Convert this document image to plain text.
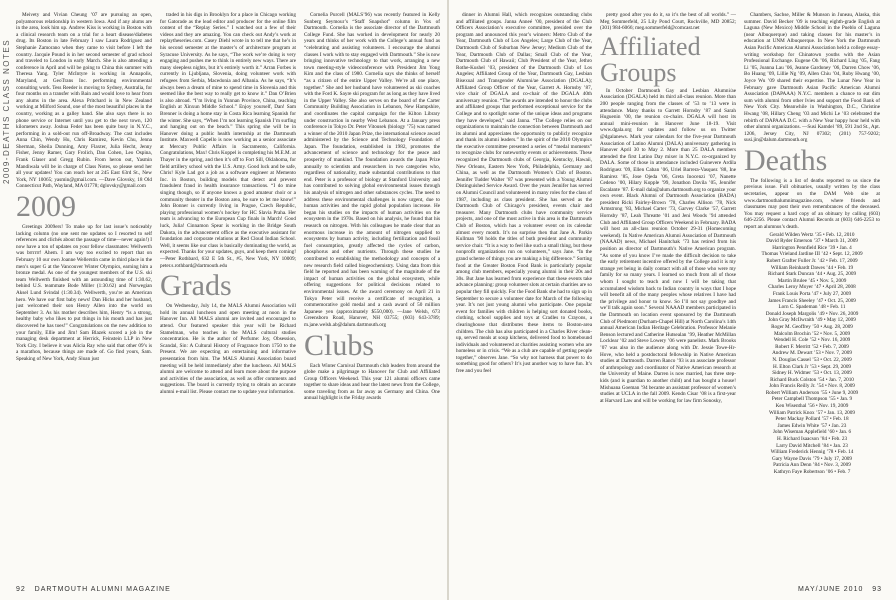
2009-DEATHS CLASS NOTES

Meivety and Vivian Cheung ’07 are pursuing an open, polyamorous relationship in western Iowa. And if any alums are in the area, look him up. Andrew Kiss is working in Boston with a clinical research team on a trial for a heart disease/diabetes drug. Its Boston in late February I saw Laura Rodriguez and Stephanie Zamorano when they came to visit before I left the country. Jacquie Pound is in her second semester of grad school and traveled to London in early March. She is also attending a conference in April and will be going to China this summer with Theresa Yang. Tyler McIntyre is working in Annapolis, Maryland, at GeoTrans Inc. performing environmental consulting work. Tess Reeder is moving to Sydney, Australia, for four months on a transfer with Bain and would love to hear from any alums in the area. Alexa Pritchard is in New Zealand working at Milford Sound, one of the most beautiful places in the country, working as a galley hand. She also says there is no phone service or Internet until you get to the next town, 120 kilometers away. Joshua Feder has been quite busy in N.Y.C., performing in a sold-out run off-Broadway. The cast includes Anna Chin, Wendy Hu, Chris Ramirez, Kevin Chu, Jenna Sherman, Sheila Dunning, Amy Flaxter, Julia Hecht, Jenny Fisher, Jenny Ramer, Gary Frolich, Dan Cohen, Leo Ospina, Frank Glaser and Gregg Rubin. From heron out, Yasmin Mandiwala will be in charge of Class Notes, so please send her all your updates! You can reach her at 245 East 63rd St., New York, NY 10065; yasmin@gmail.com. —Dave Glovsky, 18 Old Connecticut Path, Wayland, MA 01778; dglovsky@gmail.com

2009

Greetings 2009ers! To make up for last issue’s noticeably lacking column (no one sent me updates so I resorted to self references and clichés about the passage of time—never again!) I now have a ton of updates on your fellow classmates: Wellwerth was brrrrrr! Ahem. I am way too excited to report that on February 10 our own Joanne Wellerstin came in third place in the men’s super G at the Vancouver Winter Olympics, earning him a bronze medal. As one of the youngest members of the U.S. ski team Wellwerth finished with an astounding time of 1:30.62, behind U.S. teammate Bode Miller (1:30.62) and Norwegian Aksel Lund Svindal (1:30.34). Wellwerth, you’re an American hero. We have our first baby news! Dan Hicks and her husband, just welcomed their son Henry Allen into the world on September 3. As his mother describes him, Henry “is a strong, healthy baby who likes to put things in his mouth and has just discovered he has toes!” Congratulations on the new addition to your family, Ellie and Jim! Sam Blazek scored a job in the managing desk department at Herrick, Feinstein LLP in New York City. I believe it was Alicia Ray who said that other 09’s is a marathon, because things are made of. Go find yours, Sam. Speaking of New York, Andy Sloan just

traded in his digs in Brooklyn for a place in Chicago working for Gatorade as the lead editor and producer for the online film content of the “Replay Series.” I watched out a few of their videos and they are amazing. You can check out Andy’s work at replaytheseries.com. Casey Diehl wrote in to tell me that he’s in his second semester at the master’s of architecture program at Syracuse University. As he says, “The work we’re doing is very engaging and pushes me to think in entirely new ways. There are many sleepless nights, but it’s entirely worth it.” Arran Forbes is currently in Ljubljana, Slovenia, doing volunteer work with refugees from Serbia, Macedonia and Albania. As he says, “It’s always been a dream of mine to spend time in Slovenia and this seemed like the best way to really get to know it.” Dan O’Brien is also abroad. “I’m living in Yunnan Province, China, teaching English at Xinxun Middle School.” Enjoy yourself, Dan! Sam Brenner is doing a home stay in Costa Rica learning Spanish for the winter. She says, “When I’m not learning Spanish I’m surfing and hanging out on the beach.” This spring she will be in Hanover doing a public health internship at the Dartmouth Institute. Maxwell Copello is now working as a senior associate at Mercury Public Affairs in Sacramento, California. Congratulations, Max! Chris Koppel is completing his M.E.M. at Thayer in the spring, and then it’s off to Fort Sill, Oklahoma, for field artillery school with the U.S. Army. Good luck and be safe, Chris! Kyle Lad got a job as a software engineer at Memento Inc. in Boston, building models that detect and prevent fraudulent fraud in health insurance transactions. “I do mine singing though, so if anyone knows a good amateur choir or a community theater in the Boston area, be sure to let me know!” John Bonner is currently living in Prague, Czech Republic, playing professional women’s hockey for HC Slavia Praha. Her team is advancing to the European Cup finals in March! Good luck, Julia! Cinnamon Spear is working in the Bridge South Dakota, in the advancement office as the executive assistant for foundation and corporate relations at Red Cloud Indian School. Well, it seems like our class is basically dominating the world, as expected. Thanks for your updates, guys, and keep them coming! —Peter Rothbard, 632 E 5th St., #5, New York, NY 10009; peter.s.rothbard@dartmouth.edu

Grads

On Wednesday, July 14, the MALS Alumni Association will hold its annual luncheon and open meeting at noon in the Hanover Inn. All MALS alumni are invited and encouraged to attend. Our featured speaker this year will be Richard Stamelman, who teaches in the MALS cultural studies concentration. He is the author of Perfume: Joy, Obsession, Scandal, Sin: A Cultural History of Fragrance from 1750 to the Present. We are expecting an entertaining and informative presentation from him. The MALS Alumni Association board meeting will be held immediately after the luncheon. All MALS alumni are welcome to attend and learn more about the purpose and activities of the association, as well as offer comments and suggestions. The board is currently trying to obtain an accurate alumni e-mail list. Please contact me to update your information.

Cornelia Purcell (MALS’96) was recently featured in Kelly Sunberg Seymour’s “Staff Snapshot” column in Vox of Dartmouth. Cornelia is the associate director of the Dartmouth College Fund. She has worked in development for nearly 20 years and thinks of her work with the College’s annual fund as “celebrating and assisting volunteers. I encourage the alumni classes I work with to stay engaged with Dartmouth.” She is now bringing innovative technology to that work, arranging a new town meeting-style videoconference with President Jim Yong Kim and the class of 1980. Cornelia says she thinks of herself “as a citizen of the entire Upper Valley. We’re all one place, together.” She and her husband have volunteered as ski coaches with the Ford K. Sayre ski program for as long as they have lived in the Upper Valley. She also serves on the board of the Carter Community Building Association in Lebanon, New Hampshire, and coordinates the capital campaign for the Kilton Library under construction in nearby West Lebanon. At a January press conference in Tokyo Dr. Peter Vitousek (biology ’75) was named a winner of the 2010 Japan Prize, the international science award administered by the Science and Technology Foundation of Japan. The foundation, established in 1982, promotes the advancement of science and technology for the peace and prosperity of mankind. The foundation awards the Japan Prize annually to scientists and researchers in two categories who, regardless of nationality, made substantial contributions to that end. Peter is a professor of biology at Stanford University and has contributed to solving global environmental issues through his analysis of nitrogen and other substances cycles. The need to address these environmental challenges is now urgent, due to human activities and the rapid global population increase. He began his studies on the impacts of human activities on the ecosystem in the 1970s. Based on his analysis, he found that his research on nitrogen. With his colleagues he made clear that an enormous increase in the amount of nitrogen supplied to ecosystems by human activity, including fertilization and fossil fuel consumption, greatly affected the cycles of carbon, phosphorus and other nutrients. Through these studies he contributed to establishing the methodology and concepts of a new research field called biogeochemistry. Using data from this field he reported and has been warning of the magnitude of the impact of human activities on the global ecosystem, while offering suggestions for political decisions related to environmental issues. At the award ceremony on April 21 in Tokyo Peter will receive a certificate of recognition, a commemorative gold medal and a cash award of 50 million Japanese yen (approximately $550,000). —Jane Welsh, 673 Greensboro Road, Hanover, NH 03755; (603) 643-3789; m.jane.welsh.ab@dalum.dartmouth.org

Clubs

Each Winter Carnival Dartmouth club leaders from around the globe make a pilgrimage to Hanover for Club and Affiliated Group Officers Weekend. This year 121 alumni officers came together to share ideas and hear the latest news from the College, some traveling from as far away as Germany and China. One annual highlight is the Friday awards

dinner in Alumni Hall, which recognizes outstanding clubs and affiliated groups. Janna Anneé ’00, president of the Club Officers Association’s executive committee, presided over the program and announced this year’s winners: Metro Club of the Year, Dartmouth Club of Los Angeles; Large Club of the Year, Dartmouth Club of Suburban New Jersey; Medium Club of the Year, Dartmouth Club of Dallas; Small Club of the Year, Dartmouth Club of Hawaii; Club President of the Year, Jethro Rothe-Kushel ’03, president of the Dartmouth Club of Los Angeles; Affiliated Group of the Year, Dartmouth Gay, Lesbian Bisexual and Transgender Alumni/ae Association (DGALA); Affiliated Group Officer of the Year, Garrett A. Hornsby ’87, vice chair of DGALA and co-chair of the DGALA 40th anniversary reunion. “The awards are intended to honor the clubs and affiliated groups that performed exceptional service for the College and to spotlight some of the unique ideas and programs they have developed,” said Janna. “The College relies on our organizations to maintain the connection between Dartmouth and its alumni and appreciates the opportunity to publicly recognize and thank its alumni leaders.” In the spirit of the 2010 Olympics the executive committee presented a series of “medal moments” to recognize clubs for noteworthy events or achievements. These recognized the Dartmouth clubs of Georgia, Kentucky, Hawaii, New Orleans, Eastern New York, Philadelphia, Germany and China, as well as the Dartmouth Women’s Club of Boston. Jennifer Tudder Walter ’87 was presented with a Young Alumni Distinguished Service Award. Over the years Jennifer has served on Alumni Council and volunteered in many roles for the class of 1987, including as class president. She has served as the Dartmouth Club of Chicago’s president, events chair and treasurer. Many Dartmouth clubs have community service projects, and one of the most active in this area is the Dartmouth Club of Boston, which has a volunteer event on its calendar almost every month. It’s no surprise then that Jane A. Parkin Kullman ’90 holds the titles of both president and community service chair. “It is a way to feel like such a small thing, but these nonprofit organizations run on volunteers,” says Jane. “In the grand scheme of things you are making a big difference.” Sorting food at the Greater Boston Food Bank is particularly popular among club members, especially young alumni in their 20s and 30s. But Jane has learned from experience that these events take advance planning: group volunteer slots at certain charities are so popular they fill quickly. For the Food Bank she had to sign up in September to secure a volunteer date for March of the following year. It’s not just young alumni who participate. One popular event for families with children is helping sort donated books, clothing, school supplies and toys at Cradles to Crayons, a clearinghouse that distributes these items to Boston-area children. The club has also participated in a Charles River clean-up, served meals at soup kitchens, delivered food to homebound individuals and volunteered at charities assisting women who are homeless or in crisis. “We as a club are capable of getting people together,” observes Jane. “So why not harness that power to do something good for others? It’s just another way to have fun. It’s free and you feel

pretty good after you do it, so it’s the best of all worlds.” —Meg Sommerfeld, 25 Lily Pond Court, Rockville, MD 20852; (301) 984-6066; meg.sommerfeld@comcast.net

Affiliated Groups

In October Dartmouth Gay and Lesbian Alumni/ae Association (DGALA) held its third all-class reunion. More than 200 people ranging from the classes of ’53 to ’13 were in attendance. Many thanks to Garrett Hornsby ’87 and Sarah Huguenin ’00, the reunion co-chairs. DGALA will host its annual mini-reunion in Hanover June 18-19. Visit www.dgala.org for updates and follow us on Twitter @dgalanews. Mark your calendars for the five-year Dartmouth Association of Latino Alumni (DALA) anniversary gathering in Hanover April 30 to May 2. More than 25 DALA members attended the first Latino Day mixer in N.Y.C. co-organized by DALA. Some of those in attendance included Guinevere Ardila Rodriguez ’09, Ellen Caban ’06, Uriel Barrera-Vasquez ’88, Ine Ramirez ’85, Jose Ojeda ’06, Greta Inocenzi ’07, Nanette Cedeno ’00, Hilary Kopple ’99, Jonathon Davila ’05, Jennifer Escalante ’87. E-mail dala@alum.dartmouth.org to organize your own event. Black Alumni of Dartmouth Association (BADA) president Ricki Fairley-Brown ’78, Charles Allison ’78, Nick Armstrong ’83, Michael Carter ’73, Garvey Clarke ’57, Garrett Hornsby ’87, Leah Threatte ’01 and Jeni Woods ’94 attended Club and Affiliated Group Officers Weekend in February. BADA will host an all-class reunion October 29-31 (Homecoming weekend). In Native American Alumni Association of Dartmouth (NAAAD) news, Michael Hanitchak ’73 has retired from his position as director of Dartmouth’s Native American program. “As some of you know I’ve made the difficult decision to take the early retirement incentive offered by the College and it is my strange yet being in daily contact with all of those who were my family for so many years. I learned so much from all of those whom I sought to teach and now I will be taking that accumulated wisdom back to Indian country in ways that I hope will benefit all of the many peoples whose relatives I have had the privilege and honor to know. So I’ll not say goodbye and we’ll talk again soon.” Several NAAAD members participated in the Dartmouth on location event sponsored by the Dartmouth Club of Piedmont (Durham-Chapel Hill) at North Carolina’s 14th annual American Indian Heritage Celebration. Professor Melanie Benson lectured and Catherine Hutsealan ’99, Heather McMillan Locklear ’02 and Steve Lowery ’06 were panelists. Mark Brooks ’07 was also in the audience along with Dr. Jessie Towe-Hr-Hove, who held a postdoctoral fellowship in Native American studies at Dartmouth. Darren Ranco ’93 is an associate professor of anthropology and coordinator of Native American research at the University of Maine. Darren is now married, has three step-kids (and is guardian to another child) and has bought a house! Mishuana Goeman ’94 became an assistant professor of women’s studies at UCLA in the fall 2009. Kendn Cisar ’08 is a first-year at Harvard Law and will be working for law firm Sonosky,

Chambers, Sachse, Miller & Munson in Juneau, Alaska, this summer. David Becker ’09 is teaching eighth-grade English at Laguna (New Mexico) Middle School in the Pueblo of Laguna (near Albuquerque) and taking classes for his master’s in education at UNM Albuquerque. In New York the Dartmouth Asian Pacific American Alumni Association held a college essay-writing workshop for Chinatown youths with the Asian Professional Exchange. Eugene Oh ’06, Richard Ling ’05, Fang Li ’05, Joanna Lau ’06, Jeanne Gardoney ’06, Darren Chow ’06, Bo Huang ’09, Lillie Ng ’09, Allen Chiu ’04, Ruby Hwang ’00, Joyce Wu ’09 shared their expertise. The Lunar New Year in February gave Dartmouth Asian Pacific American Alumni Association (DAPAAA) N.Y.C. members a chance to eat dim sum with alumni from other Ivies and support the Food Bank of New York City. Meanwhile in Washington, D.C., Christine Hwang ’08, Hillary Cheng ’03 and Michi Le ’03 celebrated the rebirth of DAPAAA D.C. with a New Year happy hour held with other alumni organizations. —Susi Kamdel ’89, 591 2nd St., Apt. 1206, Jersey City, NJ 07302; (201) 757-9202; susi.jin@dalum.dartmouth.org

Deaths

The following is a list of deaths reported to us since the previous issue. Full obituaries, usually written by the class secretaries, appear on the DAM Web site at www.dartmouthalumnimagazine.com, where friends and classmates may post their own remembrances of the deceased. You may request a hard copy of an obituary by calling (603) 646-2256. Please contact Alumni Records at (603) 646-2253 to report an alumnus’s death.

Gerald Wilden Wertz ’35 • Feb. 12, 2010
David Ryder Emerson ’37 • March 31, 2009
Harrington Pennfield Rice ’39 • Jan. 4
Thomas Vrieland Jardine III ’42 • Sept. 12, 2009
Robert Grafter Fuller Jr. ’42 • Feb. 17, 2009
William Reinhardt Dawes ’44 • Feb. 19
Richard Stark Duncan ’44 • Aug. 25, 2009
Martin Brulee ’45 • Nov. 5, 2009
Charles Leroy Moyer ’47 • April 28, 2008
Frank Louis Porta ’47 • July 27, 2009
James Francis Sheeley ’47 • Oct. 25, 2009
Lorn C. Spademan ’48 • Feb. 11
Donald Joseph Margolis ’49 • Nov. 26, 2009
John Gray McIlwraith ’49 • May 12, 2009
Roger M. Geoffrey ’50 • Aug. 28, 2009
Malcolm Brochin ’52 • Nov. 5, 2009
Wendell H. Cole ’52 • Nov. 16, 2009
Robert F. Merritt ’52 • Feb. 7, 2009
Andrew M. Dewart ’53 • Nov. 7, 2009
N. Douglas Cassel ’53 • Oct. 22, 2009
H. Elton Clark Jr ’53 • Sept. 29, 2009
Sidney H. Widmer ’53 • Oct. 13, 2009
Richard Buck Colston ’54 • Jan. 7, 2010
John Francis Reilly Jr. ’54 • Nov. 8, 2009
Robert William Anderson ’55 • June 9, 2009
Peter Campbell Thompson ’55 • Jan. 9
Ken Wisenthal ’56 • Nov. 19, 2009
William Patrick Knox ’57 • Jan. 13, 2009
Peter Mackay Pollard ’57 • Feb. 18
James Edwin White ’57 • Jan. 23
John Wiseman Applefield ’60 • Jan. 6
H. Richard Isaacson ’84 • Feb. 23
Larry David Mitchell ’84 • Jan. 23
William Frederick Hennig ’78 • Feb. 14
Gary Wayne Davis ’79 • July 17, 2009
Patricia Ann Denn ’84 • Nov. 3, 2009
Kathryn Faye Robertson ’06 • Feb. 7
92 DARTMOUTH ALUMNI MAGAZINE	MAY/JUNE 2010 93
